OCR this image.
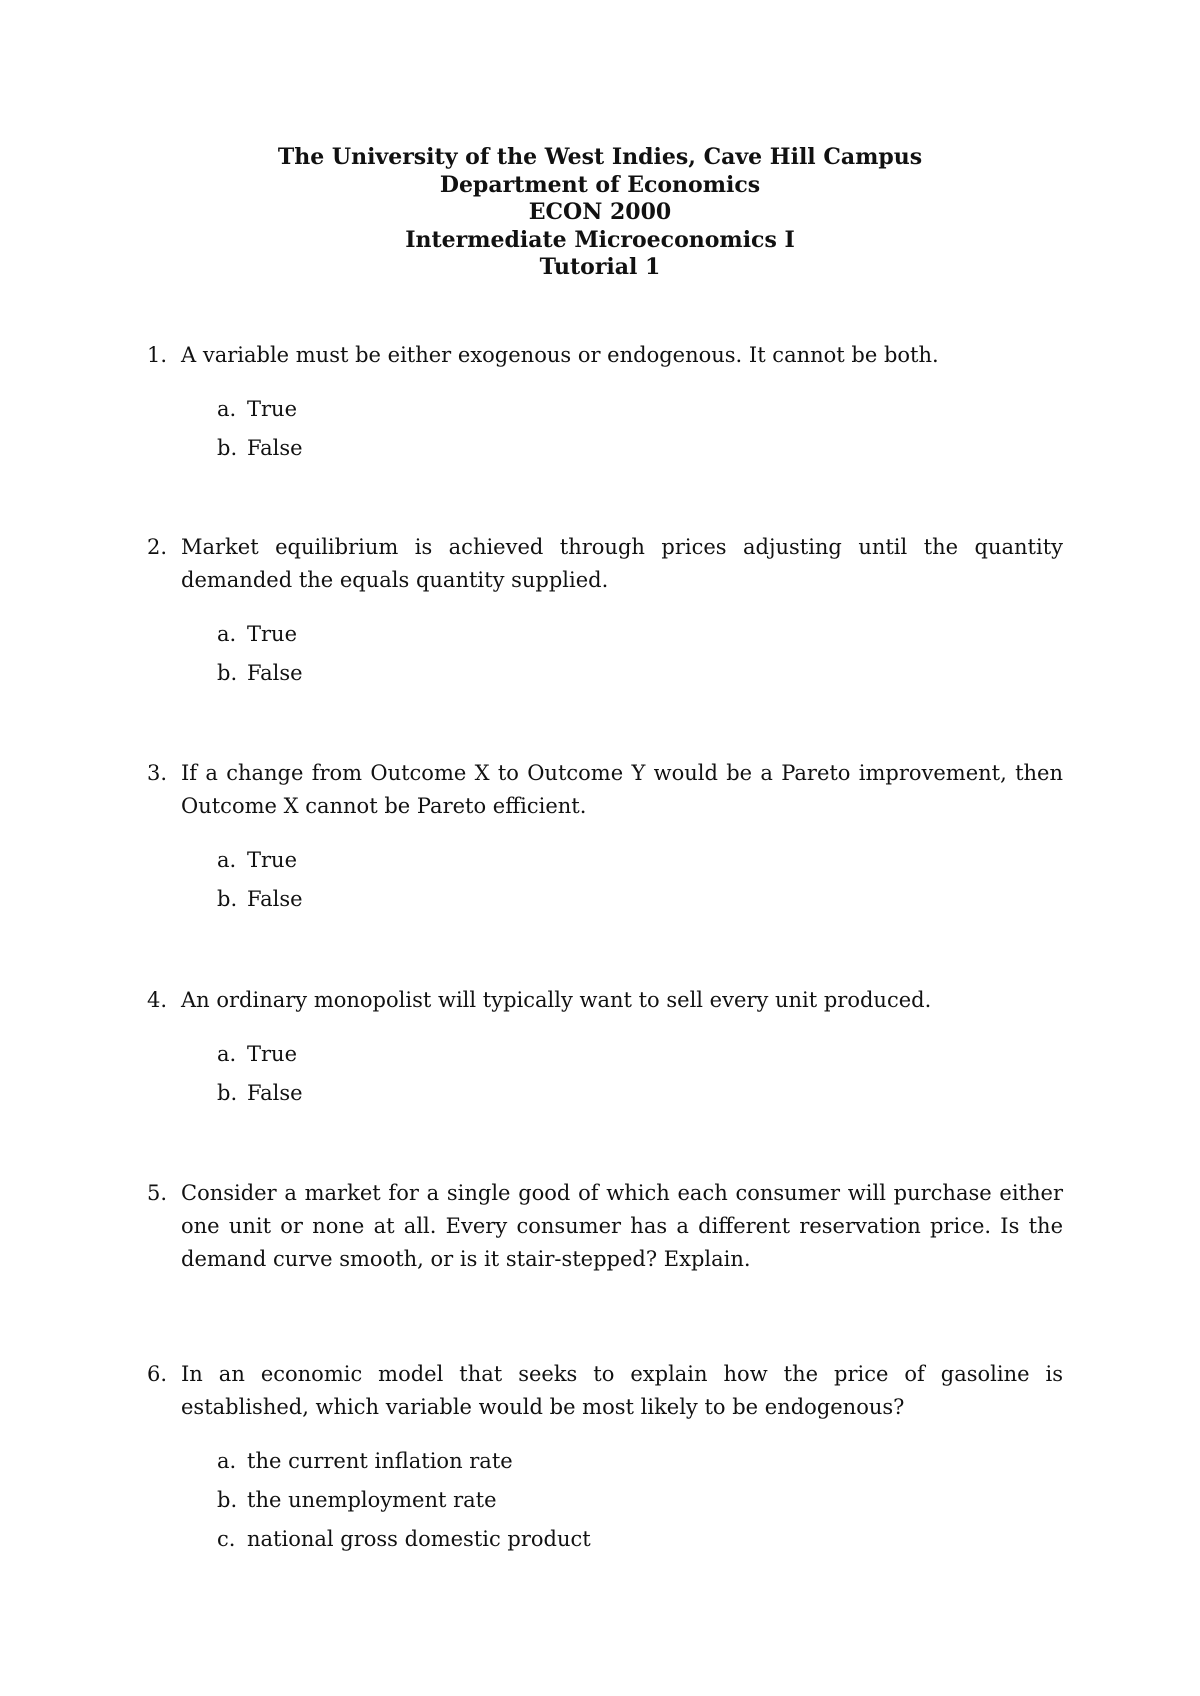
The University of the West Indies, Cave Hill Campus
Department of Economics
ECON 2000
Intermediate Microeconomics I
Tutorial 1
1. A variable must be either exogenous or endogenous. It cannot be both.
a. True
b. False
2. Market equilibrium is achieved through prices adjusting until the quantity demanded the equals quantity supplied.
a. True
b. False
3. If a change from Outcome X to Outcome Y would be a Pareto improvement, then Outcome X cannot be Pareto efficient.
a. True
b. False
4. An ordinary monopolist will typically want to sell every unit produced.
a. True
b. False
5. Consider a market for a single good of which each consumer will purchase either one unit or none at all. Every consumer has a different reservation price. Is the demand curve smooth, or is it stair-stepped? Explain.
6. In an economic model that seeks to explain how the price of gasoline is established, which variable would be most likely to be endogenous?
a. the current inflation rate
b. the unemployment rate
c. national gross domestic product
